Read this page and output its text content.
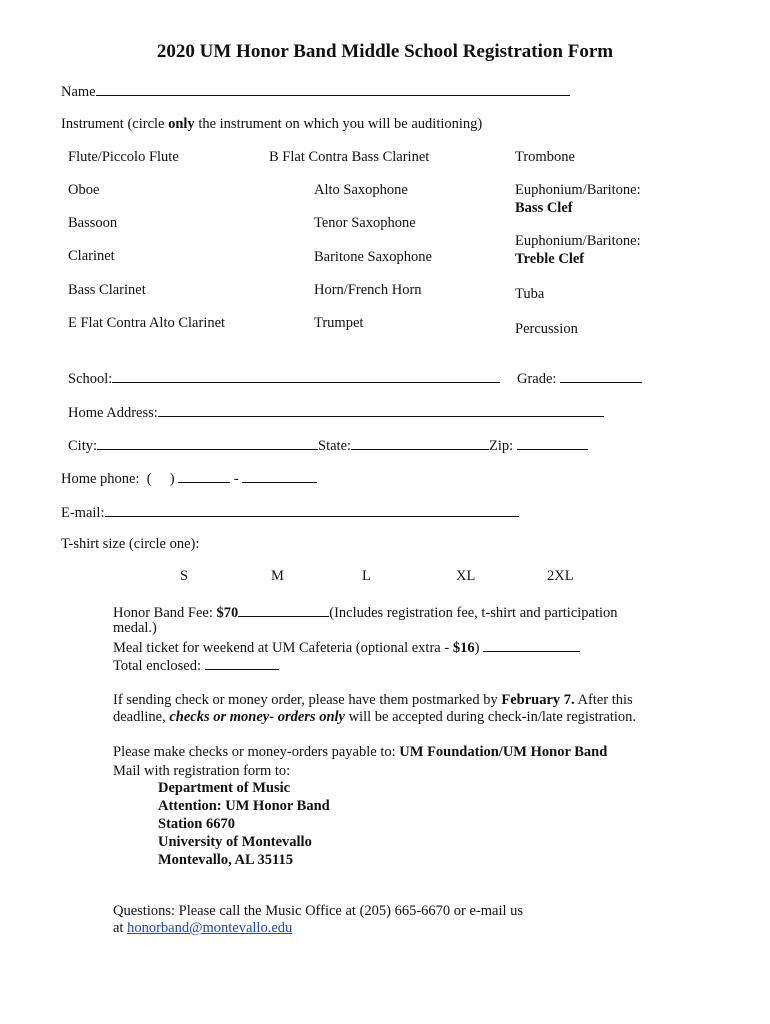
2020 UM Honor Band Middle School Registration Form
Name
Instrument (circle only the instrument on which you will be auditioning)
Flute/Piccolo Flute
Oboe
Bassoon
Clarinet
Bass Clarinet
E Flat Contra Alto Clarinet
B Flat Contra Bass Clarinet
Alto Saxophone
Tenor Saxophone
Baritone Saxophone
Horn/French Horn
Trumpet
Trombone
Euphonium/Baritone:
Bass Clef
Euphonium/Baritone:
Treble Clef
Tuba
Percussion
School:	Grade:
Home Address:
City:	State:	Zip:
Home phone: ( )	-
E-mail:
T-shirt size (circle one):
S	M	L	XL	2XL
Honor Band Fee: $70	(Includes registration fee, t-shirt and participation
medal.)
Meal ticket for weekend at UM Cafeteria (optional extra - $16)
Total enclosed:
If sending check or money order, please have them postmarked by February 7. After this
deadline, checks or money- orders only will be accepted during check-in/late registration.
Please make checks or money-orders payable to: UM Foundation/UM Honor Band
Mail with registration form to:
Department of Music
Attention: UM Honor Band
Station 6670
University of Montevallo
Montevallo, AL 35115
Questions: Please call the Music Office at (205) 665-6670 or e-mail us
at honorband@montevallo.edu
